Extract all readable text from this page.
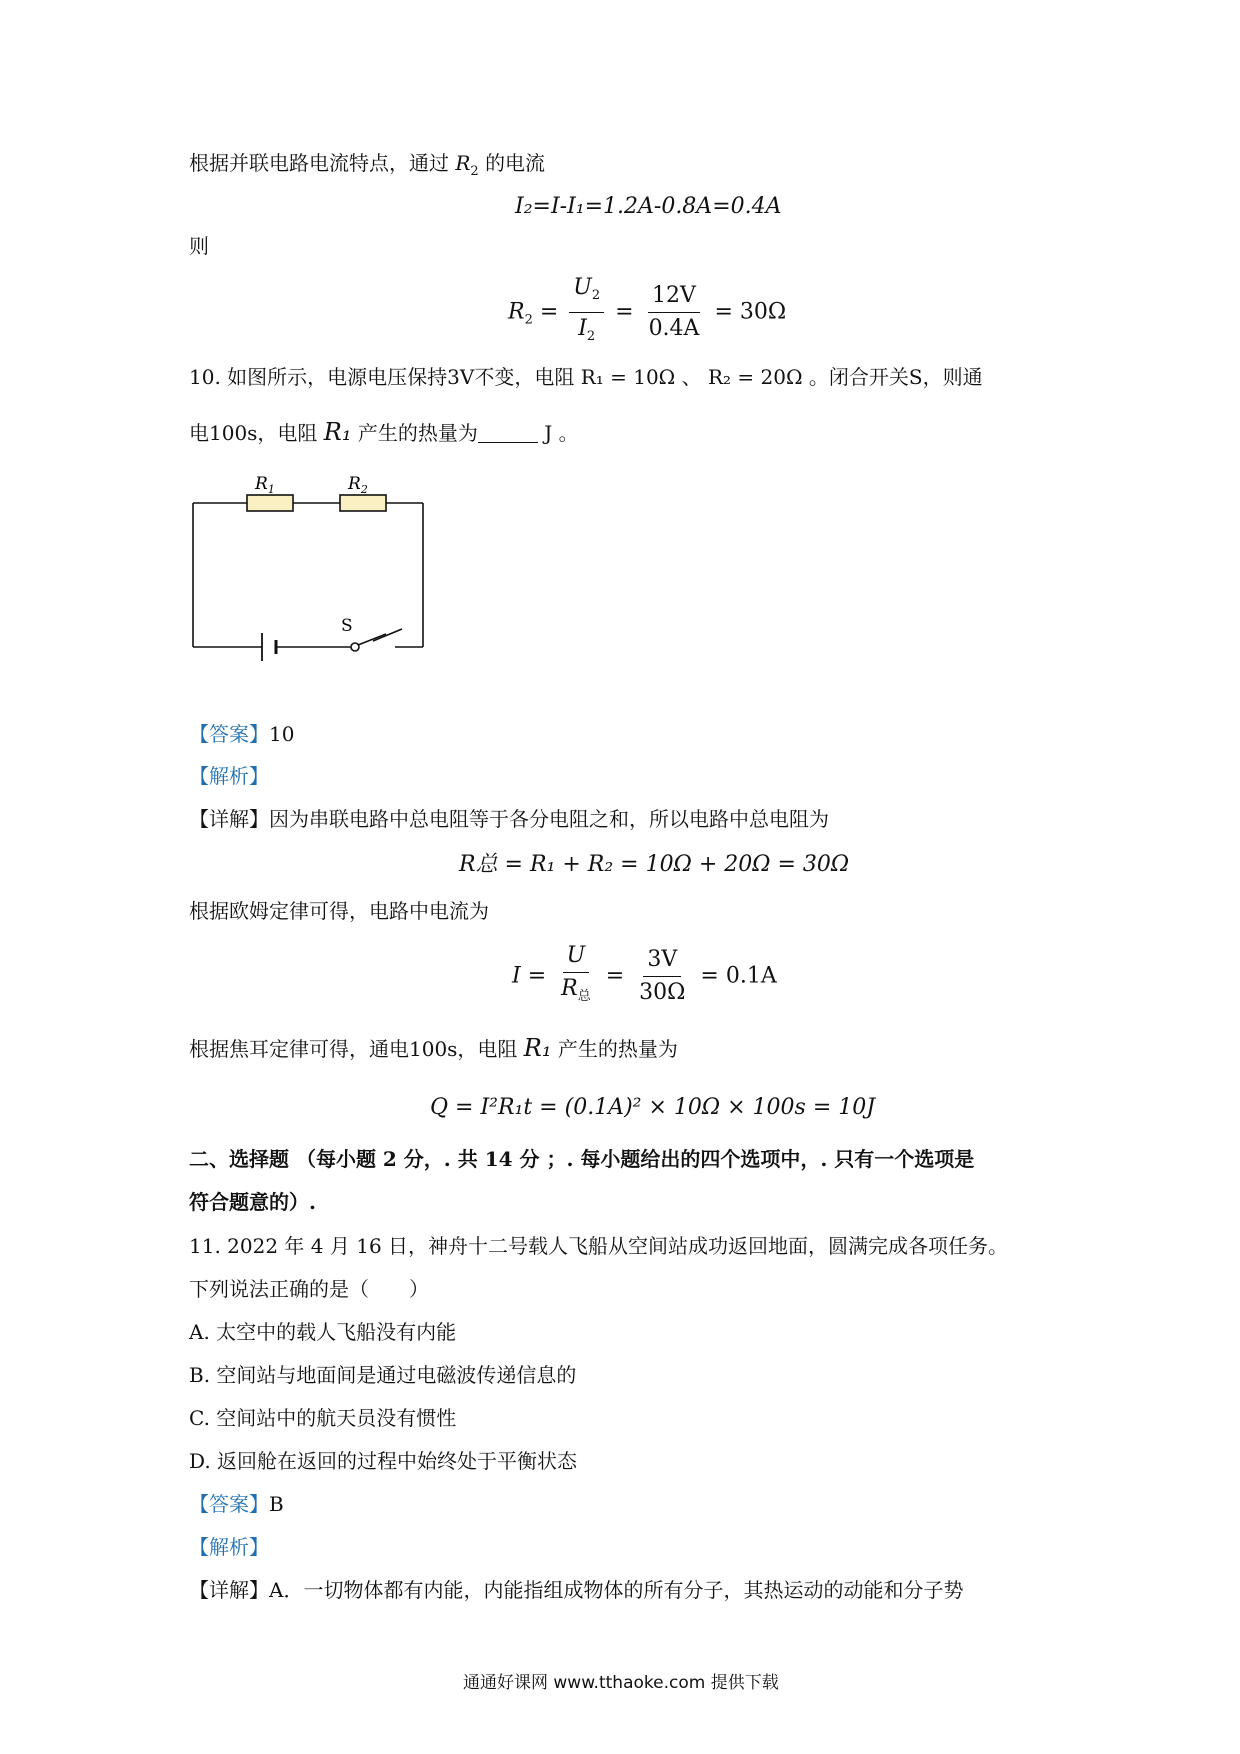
根据并联电路电流特点，通过 $R_2$ 的电流
I₂=I-I₁=1.2A-0.8A=0.4A
则
$R_2 = \frac{U_2}{I_2} = \frac{12V}{0.4A} = 30\Omega$
10. 如图所示，电源电压保持3V不变，电阻 R₁ = 10Ω 、 R₂ = 20Ω 。闭合开关S，则通
电100s，电阻 R₁ 产生的热量为	J 。
$R_1$	$R_2$
S
【答案】10
【解析】
【详解】因为串联电路中总电阻等于各分电阻之和，所以电路中总电阻为
R总 = R₁ + R₂ = 10Ω + 20Ω = 30Ω
根据欧姆定律可得，电路中电流为
$I = \frac{U}{R_总} = \frac{3V}{30\Omega} = 0.1A$
根据焦耳定律可得，通电100s，电阻 R₁ 产生的热量为
Q = I²R₁t = (0.1A)² × 10Ω × 100s = 10J
二、选择题 （每小题 2 分，. 共 14 分 ；. 每小题给出的四个选项中，. 只有一个选项是
符合题意的）.
11. 2022 年 4 月 16 日，神舟十二号载人飞船从空间站成功返回地面，圆满完成各项任务。
下列说法正确的是（　　）
A. 太空中的载人飞船没有内能
B. 空间站与地面间是通过电磁波传递信息的
C. 空间站中的航天员没有惯性
D. 返回舱在返回的过程中始终处于平衡状态
【答案】B
【解析】
【详解】A．一切物体都有内能，内能指组成物体的所有分子，其热运动的动能和分子势
通通好课网 www.tthaoke.com 提供下载
